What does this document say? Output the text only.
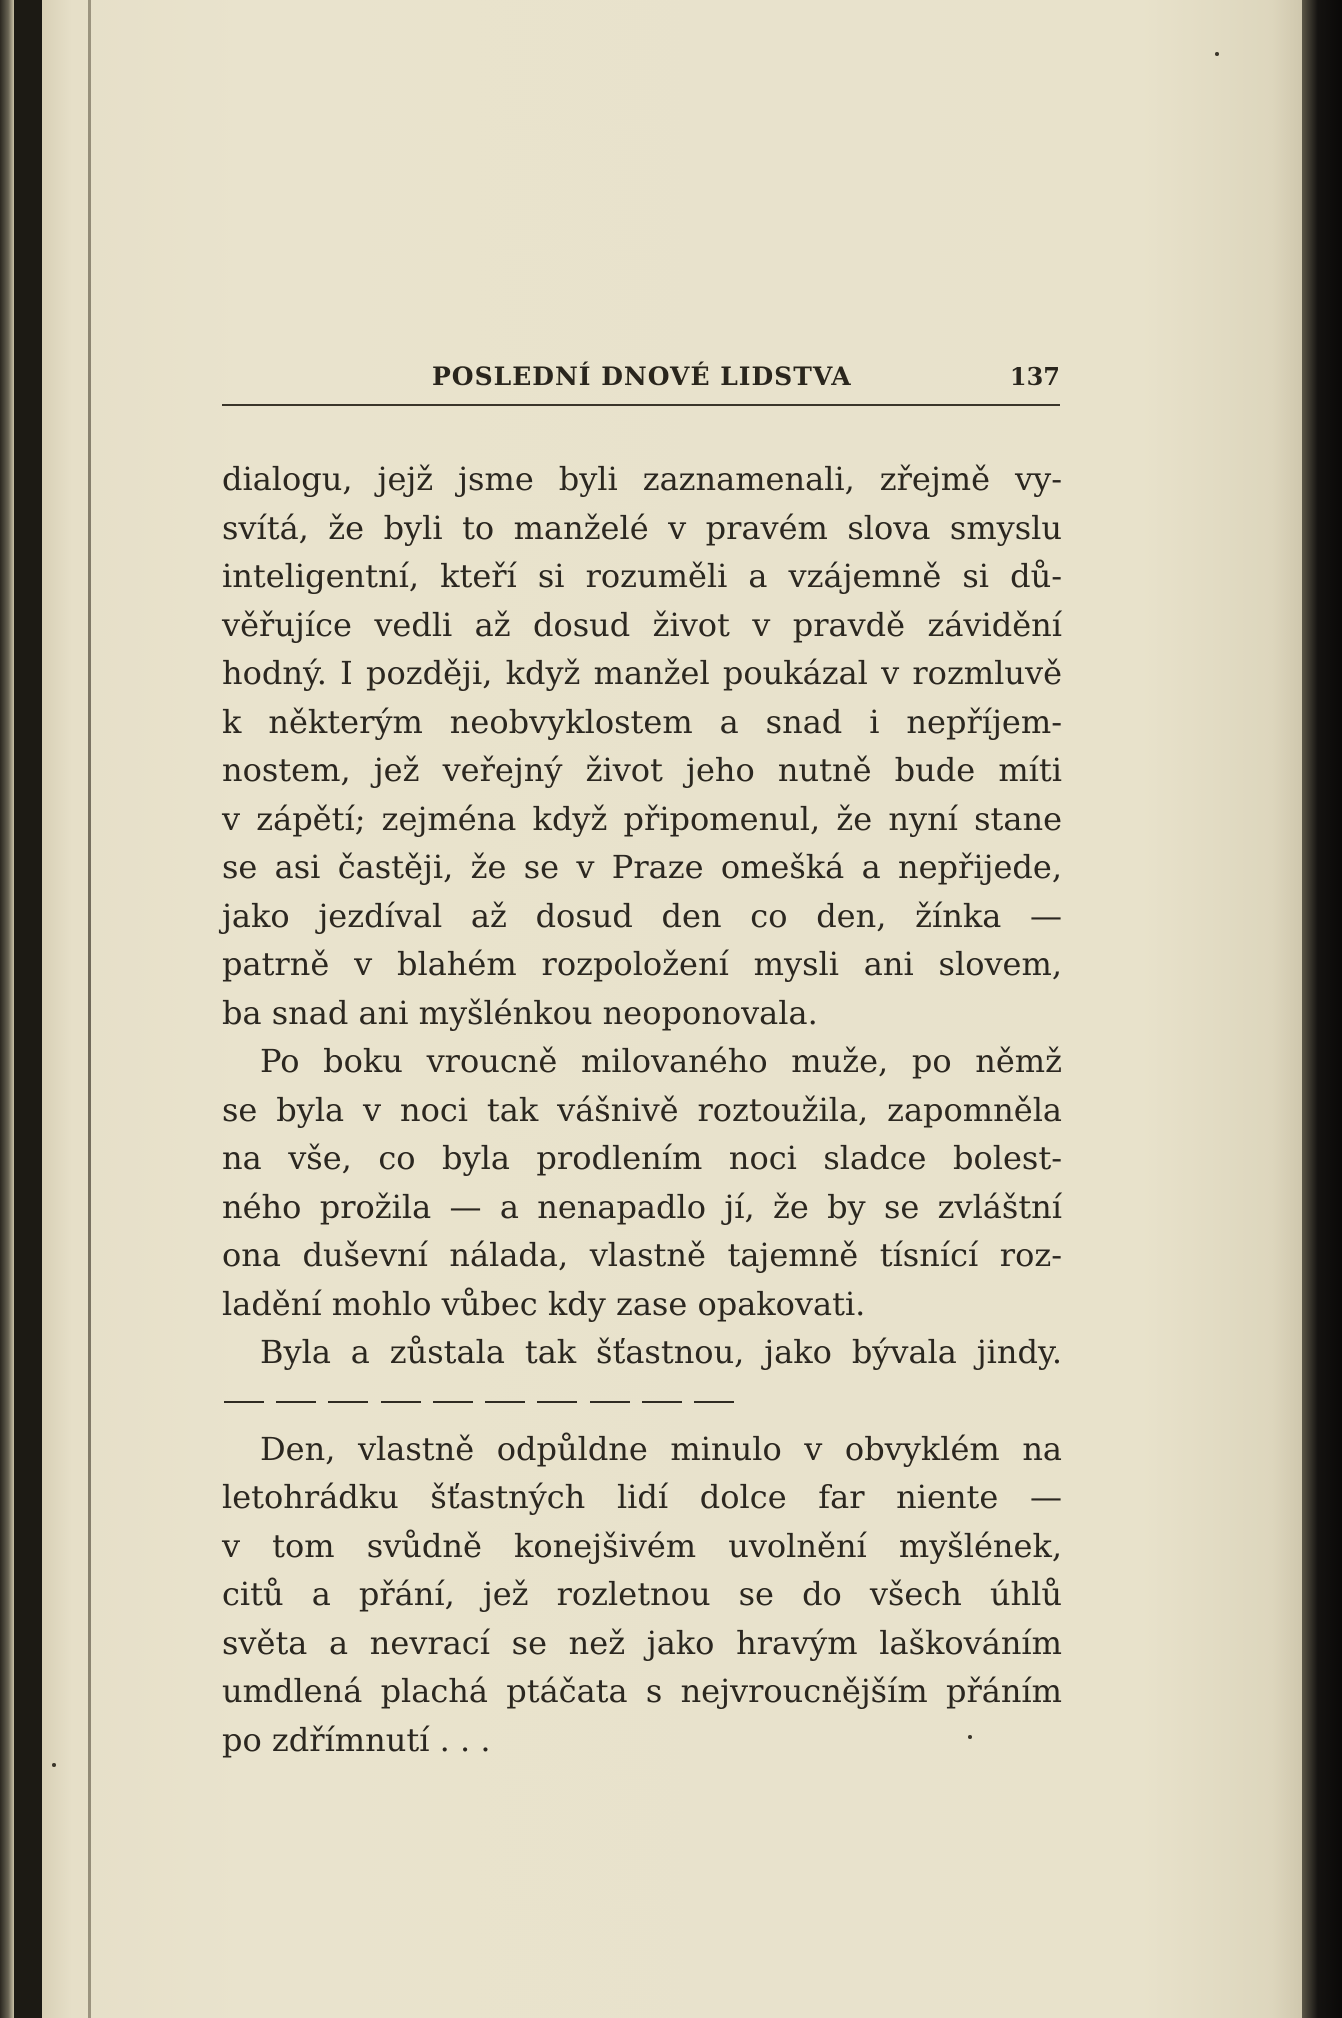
POSLEDNÍ DNOVÉ LIDSTVA	137
dialogu, jejž jsme byli zaznamenali, zřejmě vy-
svítá, že byli to manželé v pravém slova smyslu
inteligentní, kteří si rozuměli a vzájemně si dů-
věřujíce vedli až dosud život v pravdě závidění
hodný. I později, když manžel poukázal v rozmluvě
k některým neobvyklostem a snad i nepříjem-
nostem, jež veřejný život jeho nutně bude míti
v zápětí; zejména když připomenul, že nyní stane
se asi častěji, že se v Praze omešká a nepřijede,
jako jezdíval až dosud den co den, žínka —
patrně v blahém rozpoložení mysli ani slovem,
ba snad ani myšlénkou neoponovala.
Po boku vroucně milovaného muže, po němž
se byla v noci tak vášnivě roztoužila, zapomněla
na vše, co byla prodlením noci sladce bolest-
ného prožila — a nenapadlo jí, že by se zvláštní
ona duševní nálada, vlastně tajemně tísnící roz-
ladění mohlo vůbec kdy zase opakovati.
Byla a zůstala tak šťastnou, jako bývala jindy.
Den, vlastně odpůldne minulo v obvyklém na
letohrádku šťastných lidí dolce far niente —
v tom svůdně konejšivém uvolnění myšlének,
citů a přání, jež rozletnou se do všech úhlů
světa a nevrací se než jako hravým laškováním
umdlená plachá ptáčata s nejvroucnějším přáním
po zdřímnutí . . .
